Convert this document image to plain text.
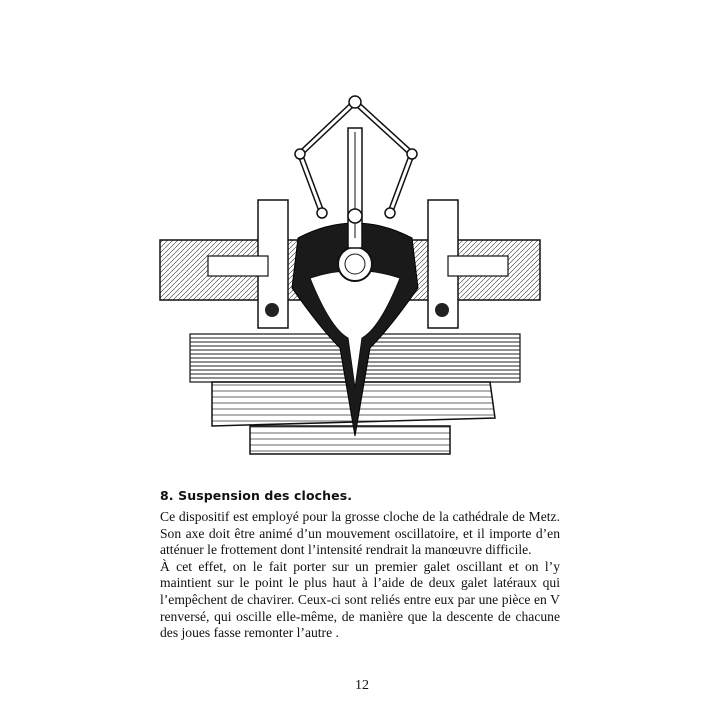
8. Suspension des cloches.

Ce dispositif est employé pour la grosse cloche de la cathédrale de Metz. Son axe doit être animé d’un mouvement oscillatoire, et il importe d’en atténuer le frottement dont l’intensité rendrait la manœuvre difficile.

À cet effet, on le fait porter sur un premier galet oscillant et on l’y maintient sur le point le plus haut à l’aide de deux galet latéraux qui l’empêchent de chavirer. Ceux-ci sont reliés entre eux par une pièce en V renversé, qui oscille elle-même, de manière que la descente de chacune des joues fasse remonter l’autre .

12
